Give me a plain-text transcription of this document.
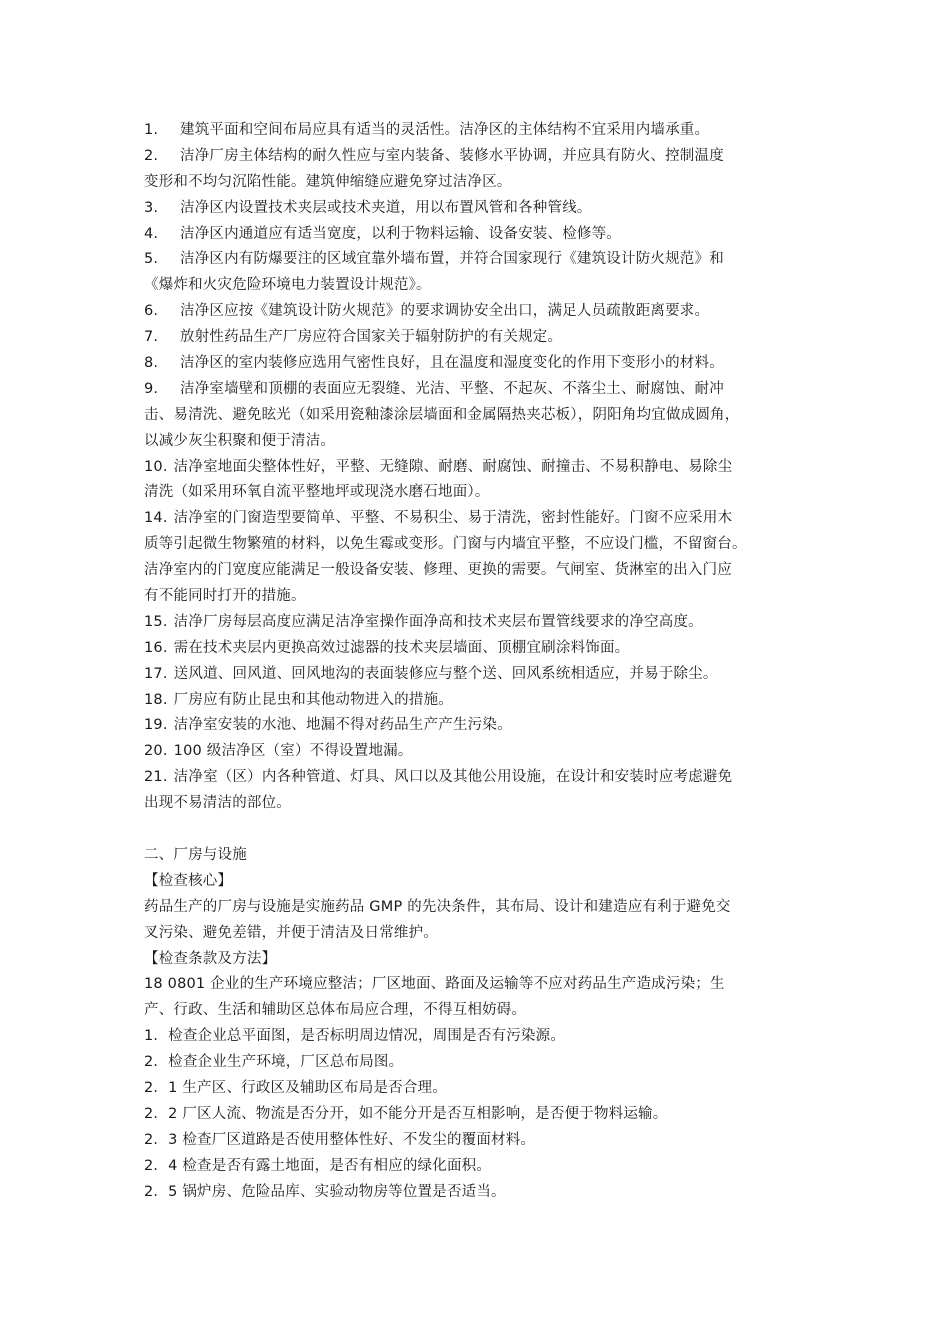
1. 建筑平面和空间布局应具有适当的灵活性。洁净区的主体结构不宜采用内墙承重。
2. 洁净厂房主体结构的耐久性应与室内装备、装修水平协调，并应具有防火、控制温度
变形和不均匀沉陷性能。建筑伸缩缝应避免穿过洁净区。
3. 洁净区内设置技术夹层或技术夹道，用以布置风管和各种管线。
4. 洁净区内通道应有适当宽度，以利于物料运输、设备安装、检修等。
5. 洁净区内有防爆要注的区域宜靠外墙布置，并符合国家现行《建筑设计防火规范》和
《爆炸和火灾危险环境电力装置设计规范》。
6. 洁净区应按《建筑设计防火规范》的要求调协安全出口，满足人员疏散距离要求。
7. 放射性药品生产厂房应符合国家关于辐射防护的有关规定。
8. 洁净区的室内装修应选用气密性良好，且在温度和湿度变化的作用下变形小的材料。
9. 洁净室墙壁和顶棚的表面应无裂缝、光洁、平整、不起灰、不落尘土、耐腐蚀、耐冲
击、易清洗、避免眩光（如采用瓷釉漆涂层墙面和金属隔热夹芯板），阴阳角均宜做成圆角，
以减少灰尘积聚和便于清洁。
10. 洁净室地面尖整体性好，平整、无缝隙、耐磨、耐腐蚀、耐撞击、不易积静电、易除尘
清洗（如采用环氧自流平整地坪或现浇水磨石地面）。
14. 洁净室的门窗造型要简单、平整、不易积尘、易于清洗，密封性能好。门窗不应采用木
质等引起微生物繁殖的材料，以免生霉或变形。门窗与内墙宜平整，不应设门槛，不留窗台。
洁净室内的门宽度应能满足一般设备安装、修理、更换的需要。气闸室、货淋室的出入门应
有不能同时打开的措施。
15. 洁净厂房每层高度应满足洁净室操作面净高和技术夹层布置管线要求的净空高度。
16. 需在技术夹层内更换高效过滤器的技术夹层墙面、顶棚宜刷涂料饰面。
17. 送风道、回风道、回风地沟的表面装修应与整个送、回风系统相适应，并易于除尘。
18. 厂房应有防止昆虫和其他动物进入的措施。
19. 洁净室安装的水池、地漏不得对药品生产产生污染。
20. 100 级洁净区（室）不得设置地漏。
21. 洁净室（区）内各种管道、灯具、风口以及其他公用设施，在设计和安装时应考虑避免
出现不易清洁的部位。
二、厂房与设施
【检查核心】
药品生产的厂房与设施是实施药品 GMP 的先决条件，其布局、设计和建造应有利于避免交
叉污染、避免差错，并便于清洁及日常维护。
【检查条款及方法】
18 0801 企业的生产环境应整洁；厂区地面、路面及运输等不应对药品生产造成污染；生
产、行政、生活和辅助区总体布局应合理，不得互相妨碍。
1．检查企业总平面图，是否标明周边情况，周围是否有污染源。
2．检查企业生产环境，厂区总布局图。
2．1 生产区、行政区及辅助区布局是否合理。
2．2 厂区人流、物流是否分开，如不能分开是否互相影响，是否便于物料运输。
2．3 检查厂区道路是否使用整体性好、不发尘的覆面材料。
2．4 检查是否有露土地面，是否有相应的绿化面积。
2．5 锅炉房、危险品库、实验动物房等位置是否适当。
